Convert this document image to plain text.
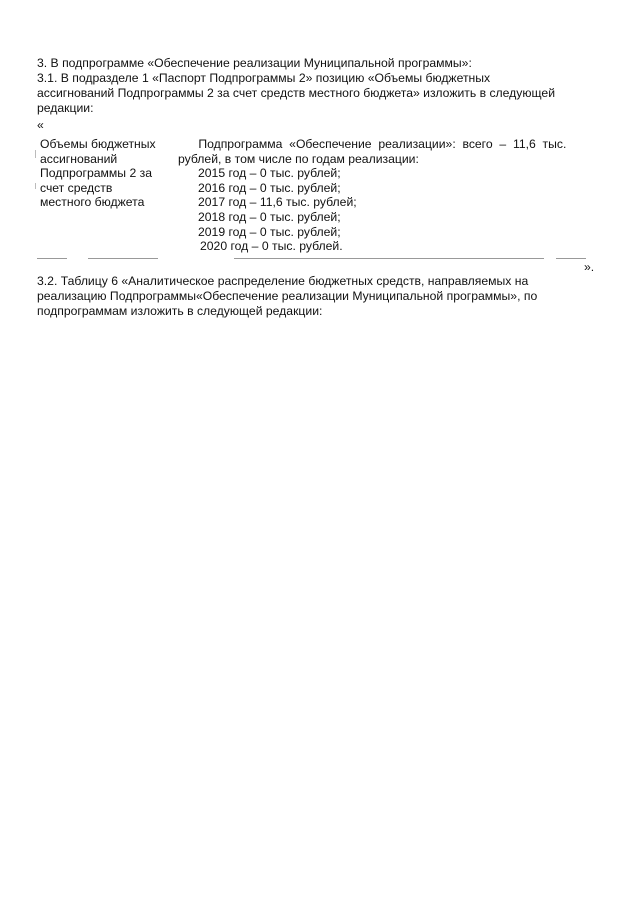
3. В подпрограмме «Обеспечение реализации Муниципальной программы»:
3.1. В подразделе 1 «Паспорт Подпрограммы 2» позицию «Объемы бюджетных
ассигнований Подпрограммы 2 за счет средств местного бюджета» изложить в следующей
редакции:
«
Объемы бюджетных
ассигнований
Подпрограммы 2 за
счет средств
местного бюджета
Подпрограмма  «Обеспечение  реализации»:  всего  –  11,6  тыс.
рублей, в том числе по годам реализации:
2015 год – 0 тыс. рублей;
2016 год – 0 тыс. рублей;
2017 год – 11,6 тыс. рублей;
2018 год – 0 тыс. рублей;
2019 год – 0 тыс. рублей;
2020 год – 0 тыс. рублей.
».
3.2. Таблицу 6 «Аналитическое распределение бюджетных средств, направляемых на
реализацию Подпрограммы«Обеспечение реализации Муниципальной программы», по
подпрограммам изложить в следующей редакции:
